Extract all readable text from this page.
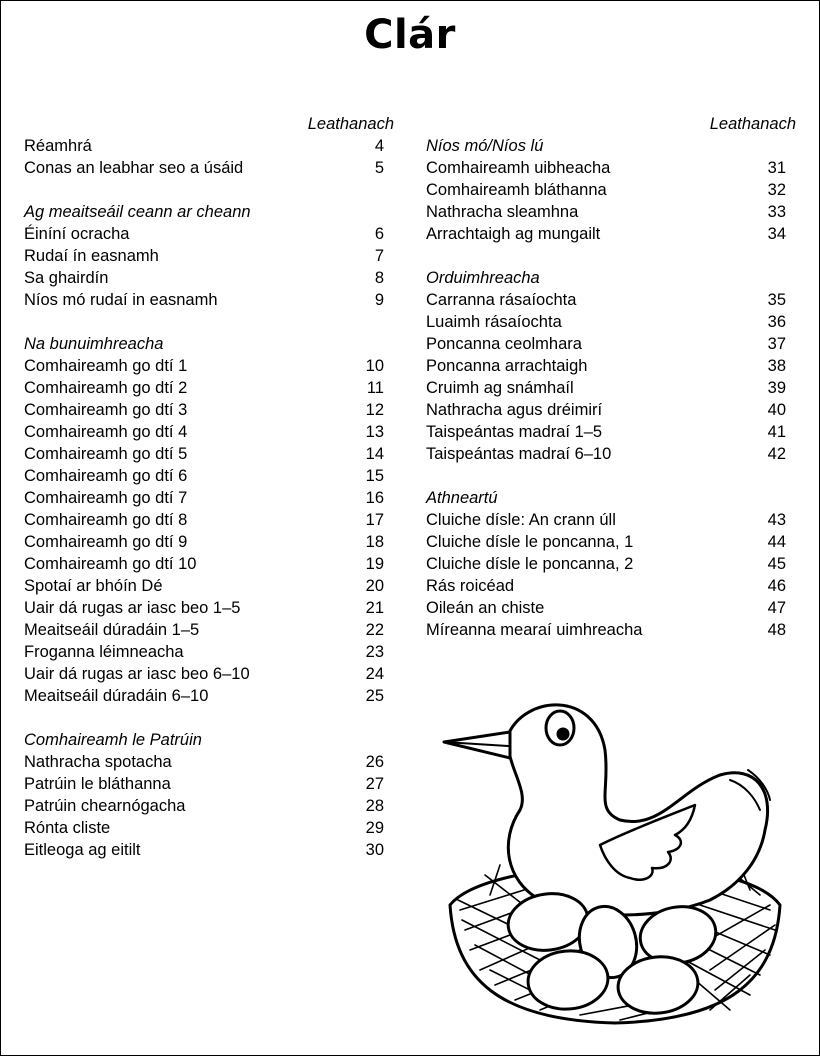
Clár
Leathanach
Réamhrá	4
Conas an leabhar seo a úsáid	5
Ag meaitseáil ceann ar cheann
Éiníní ocracha	6
Rudaí ín easnamh	7
Sa ghairdín	8
Níos mó rudaí in easnamh	9
Na bunuimhreacha
Comhaireamh go dtí 1	10
Comhaireamh go dtí 2	11
Comhaireamh go dtí 3	12
Comhaireamh go dtí 4	13
Comhaireamh go dtí 5	14
Comhaireamh go dtí 6	15
Comhaireamh go dtí 7	16
Comhaireamh go dtí 8	17
Comhaireamh go dtí 9	18
Comhaireamh go dtí 10	19
Spotaí ar bhóín Dé	20
Uair dá rugas ar iasc beo 1–5	21
Meaitseáil dúradáin 1–5	22
Froganna léimneacha	23
Uair dá rugas ar iasc beo 6–10	24
Meaitseáil dúradáin 6–10	25
Comhaireamh le Patrúin
Nathracha spotacha	26
Patrúin le bláthanna	27
Patrúin chearnógacha	28
Rónta cliste	29
Eitleoga ag eitilt	30
Leathanach
Níos mó/Níos lú
Comhaireamh uibheacha	31
Comhaireamh bláthanna	32
Nathracha sleamhna	33
Arrachtaigh ag mungailt	34
Orduimhreacha
Carranna rásaíochta	35
Luaimh rásaíochta	36
Poncanna ceolmhara	37
Poncanna arrachtaigh	38
Cruimh ag snámhaíl	39
Nathracha agus dréimirí	40
Taispeántas madraí 1–5	41
Taispeántas madraí 6–10	42
Athneartú
Cluiche dísle: An crann úll	43
Cluiche dísle le poncanna, 1	44
Cluiche dísle le poncanna, 2	45
Rás roicéad	46
Oileán an chiste	47
Míreanna mearaí uimhreacha	48
